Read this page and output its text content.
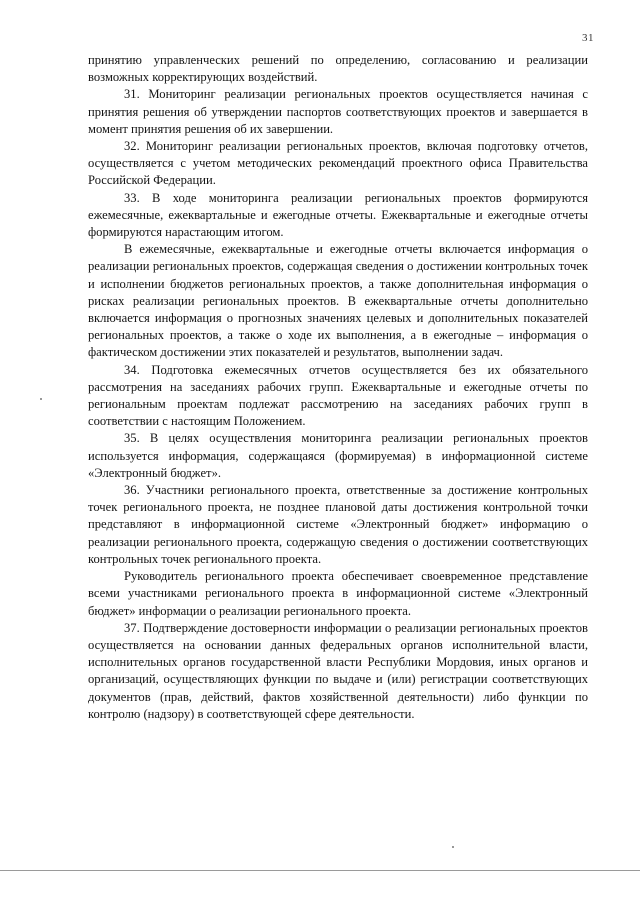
31

принятию управленческих решений по определению, согласованию и реализации возможных корректирующих воздействий.

31. Мониторинг реализации региональных проектов осуществляется начиная с принятия решения об утверждении паспортов соответствующих проектов и завершается в момент принятия решения об их завершении.

32. Мониторинг реализации региональных проектов, включая подготовку отчетов, осуществляется с учетом методических рекомендаций проектного офиса Правительства Российской Федерации.

33. В ходе мониторинга реализации региональных проектов формируются ежемесячные, ежеквартальные и ежегодные отчеты. Ежеквартальные и ежегодные отчеты формируются нарастающим итогом.

В ежемесячные, ежеквартальные и ежегодные отчеты включается информация о реализации региональных проектов, содержащая сведения о достижении контрольных точек и исполнении бюджетов региональных проектов, а также дополнительная информация о рисках реализации региональных проектов. В ежеквартальные отчеты дополнительно включается информация о прогнозных значениях целевых и дополнительных показателей региональных проектов, а также о ходе их выполнения, а в ежегодные – информация о фактическом достижении этих показателей и результатов, выполнении задач.

34. Подготовка ежемесячных отчетов осуществляется без их обязательного рассмотрения на заседаниях рабочих групп. Ежеквартальные и ежегодные отчеты по региональным проектам подлежат рассмотрению на заседаниях рабочих групп в соответствии с настоящим Положением.

35. В целях осуществления мониторинга реализации региональных проектов используется информация, содержащаяся (формируемая) в информационной системе «Электронный бюджет».

36. Участники регионального проекта, ответственные за достижение контрольных точек регионального проекта, не позднее плановой даты достижения контрольной точки представляют в информационной системе «Электронный бюджет» информацию о реализации регионального проекта, содержащую сведения о достижении соответствующих контрольных точек регионального проекта.

Руководитель регионального проекта обеспечивает своевременное представление всеми участниками регионального проекта в информационной системе «Электронный бюджет» информации о реализации регионального проекта.

37. Подтверждение достоверности информации о реализации региональных проектов осуществляется на основании данных федеральных органов исполнительной власти, исполнительных органов государственной власти Республики Мордовия, иных органов и организаций, осуществляющих функции по выдаче и (или) регистрации соответствующих документов (прав, действий, фактов хозяйственной деятельности) либо функции по контролю (надзору) в соответствующей сфере деятельности.
